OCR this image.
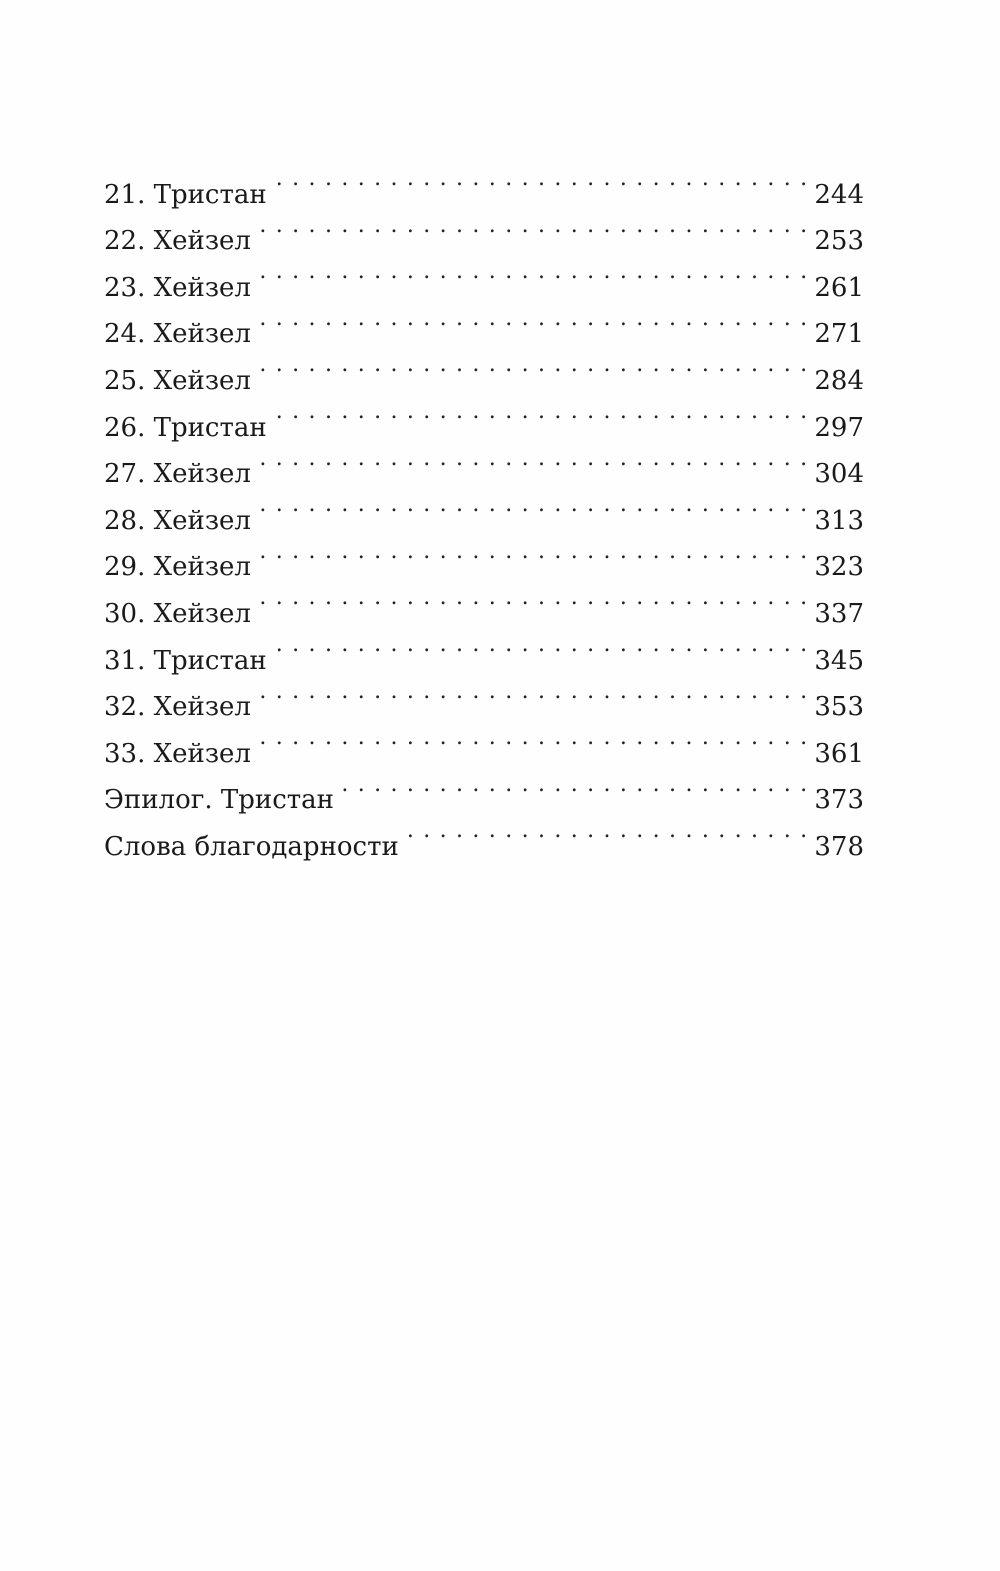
21. Тристан . . .	244
22. Хейзел . . .	253
23. Хейзел . . .	261
24. Хейзел . . .	271
25. Хейзел . . .	284
26. Тристан . . .	297
27. Хейзел . . .	304
28. Хейзел . . .	313
29. Хейзел . . .	323
30. Хейзел . . .	337
31. Тристан . . .	345
32. Хейзел . . .	353
33. Хейзел . . .	361
Эпилог. Тристан . . .	373
Слова благодарности . . .	378
